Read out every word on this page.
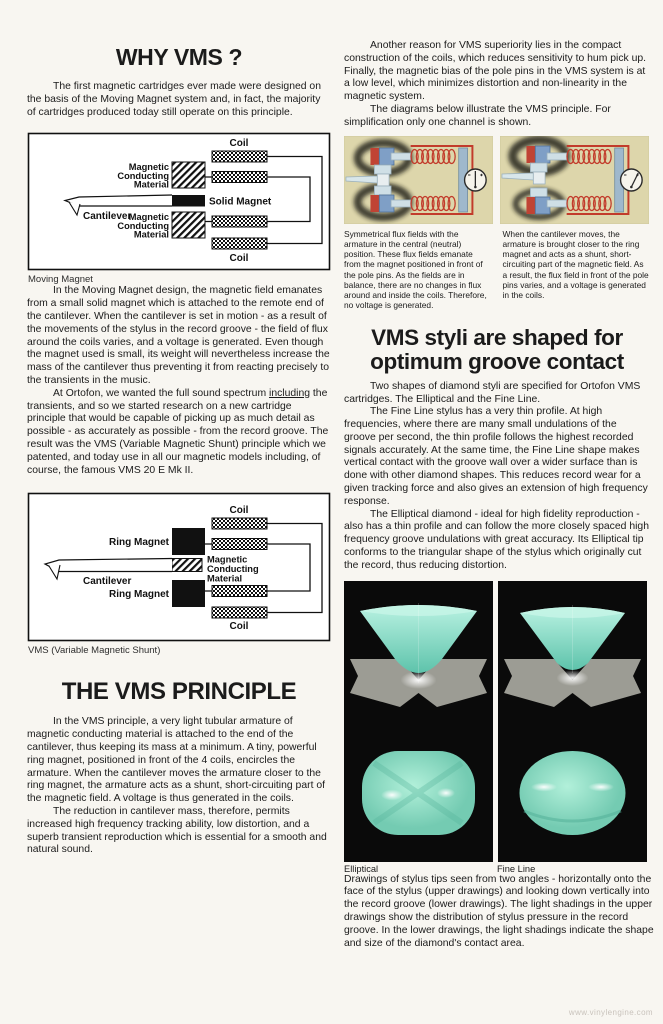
WHY VMS ?

The first magnetic cartridges ever made were designed on the basis of the Moving Magnet system and, in fact, the majority of cartridges produced today still operate on this principle.

Coil
Magnetic
Conducting
Material
Solid Magnet
Cantilever
Magnetic
Conducting
Material
Coil
Moving Magnet

In the Moving Magnet design, the magnetic field emanates from a small solid magnet which is attached to the remote end of the cantilever. When the cantilever is set in motion - as a result of the movements of the stylus in the record groove - the field of flux around the coils varies, and a voltage is generated. Even though the magnet used is small, its weight will nevertheless increase the mass of the cantilever thus preventing it from reacting precisely to the transients in the music.

At Ortofon, we wanted the full sound spectrum including the transients, and so we started research on a new cartridge principle that would be capable of picking up as much detail as possible - as accurately as possible - from the record groove. The result was the VMS (Variable Magnetic Shunt) principle which we patented, and today use in all our magnetic models including, of course, the famous VMS 20 E Mk II.

Coil
Ring Magnet
Magnetic
Conducting
Material
Cantilever
Ring Magnet
Coil
VMS (Variable Magnetic Shunt)
THE VMS PRINCIPLE

In the VMS principle, a very light tubular armature of magnetic conducting material is attached to the end of the cantilever, thus keeping its mass at a minimum. A tiny, powerful ring magnet, positioned in front of the 4 coils, encircles the armature. When the cantilever moves the armature closer to the ring magnet, the armature acts as a shunt, short-circuiting part of the magnetic field. A voltage is thus generated in the coils.

The reduction in cantilever mass, therefore, permits increased high frequency tracking ability, low distortion, and a superb transient reproduction which is essential for a smooth and natural sound.

Another reason for VMS superiority lies in the compact construction of the coils, which reduces sensitivity to hum pick up. Finally, the magnetic bias of the pole pins in the VMS system is at a low level, which minimizes distortion and non-linearity in the magnetic system.

The diagrams below illustrate the VMS principle. For simplification only one channel is shown.

Symmetrical flux fields with the armature in the central (neutral) position. These flux fields emanate from the magnet positioned in front of the pole pins. As the fields are in balance, there are no changes in flux around and inside the coils. Therefore, no voltage is generated.
When the cantilever moves, the armature is brought closer to the ring magnet and acts as a shunt, short-circuiting part of the magnetic field. As a result, the flux field in front of the pole pins varies, and a voltage is generated in the coils.
VMS styli are shaped for optimum groove contact

Two shapes of diamond styli are specified for Ortofon VMS cartridges. The Elliptical and the Fine Line.

The Fine Line stylus has a very thin profile. At high frequencies, where there are many small undulations of the groove per second, the thin profile follows the highest recorded signals accurately. At the same time, the Fine Line shape makes vertical contact with the groove wall over a wider surface than is done with other diamond shapes. This reduces record wear for a given tracking force and also gives an extension of high frequency response.

The Elliptical diamond - ideal for high fidelity reproduction - also has a thin profile and can follow the more closely spaced high frequency groove undulations with great accuracy. Its Elliptical tip conforms to the triangular shape of the stylus which originally cut the record, thus reducing distortion.

Elliptical	Fine Line

Drawings of stylus tips seen from two angles - horizontally onto the face of the stylus (upper drawings) and looking down vertically into the record groove (lower drawings). The light shadings in the upper drawings show the distribution of stylus pressure in the record groove. In the lower drawings, the light shadings indicate the shape and size of the diamond's contact area.

www.vinylengine.com
